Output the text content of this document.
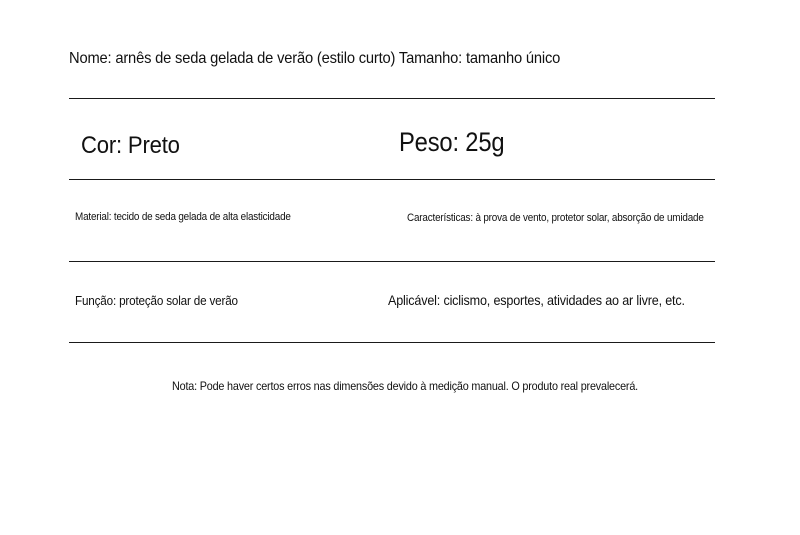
Nome: arnês de seda gelada de verão (estilo curto) Tamanho: tamanho único
Cor: Preto	Peso: 25g
Material: tecido de seda gelada de alta elasticidade	Características: à prova de vento, protetor solar, absorção de umidade
Função: proteção solar de verão	Aplicável: ciclismo, esportes, atividades ao ar livre, etc.
Nota: Pode haver certos erros nas dimensões devido à medição manual. O produto real prevalecerá.
